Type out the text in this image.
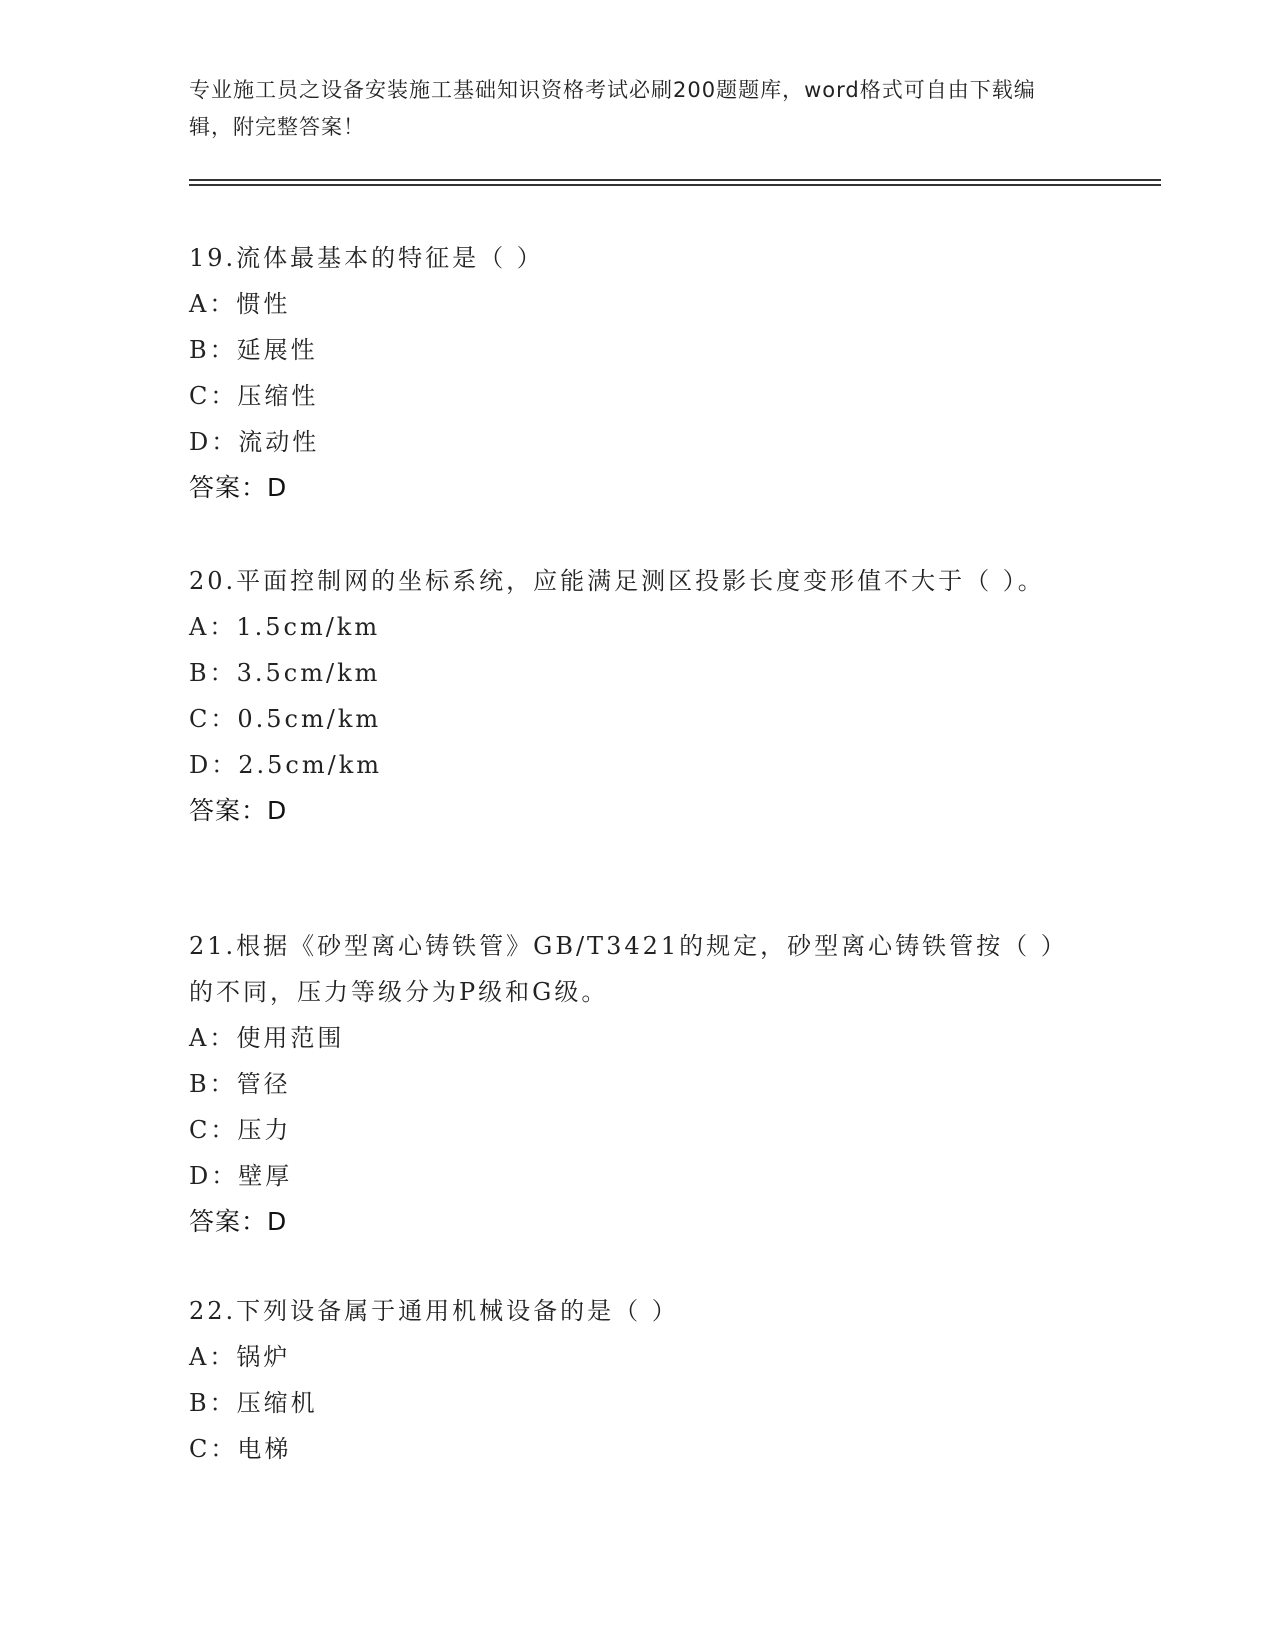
专业施工员之设备安装施工基础知识资格考试必刷200题题库，word格式可自由下载编辑，附完整答案！

19.流体最基本的特征是（ ）

A：惯性

B：延展性

C：压缩性

D：流动性

答案：D

20.平面控制网的坐标系统，应能满足测区投影长度变形值不大于（ ）。

A：1.5cm/km

B：3.5cm/km

C：0.5cm/km

D：2.5cm/km

答案：D

21.根据《砂型离心铸铁管》GB/T3421的规定，砂型离心铸铁管按（ ）的不同，压力等级分为P级和G级。

A：使用范围

B：管径

C：压力

D：壁厚

答案：D

22.下列设备属于通用机械设备的是（ ）

A：锅炉

B：压缩机

C：电梯
